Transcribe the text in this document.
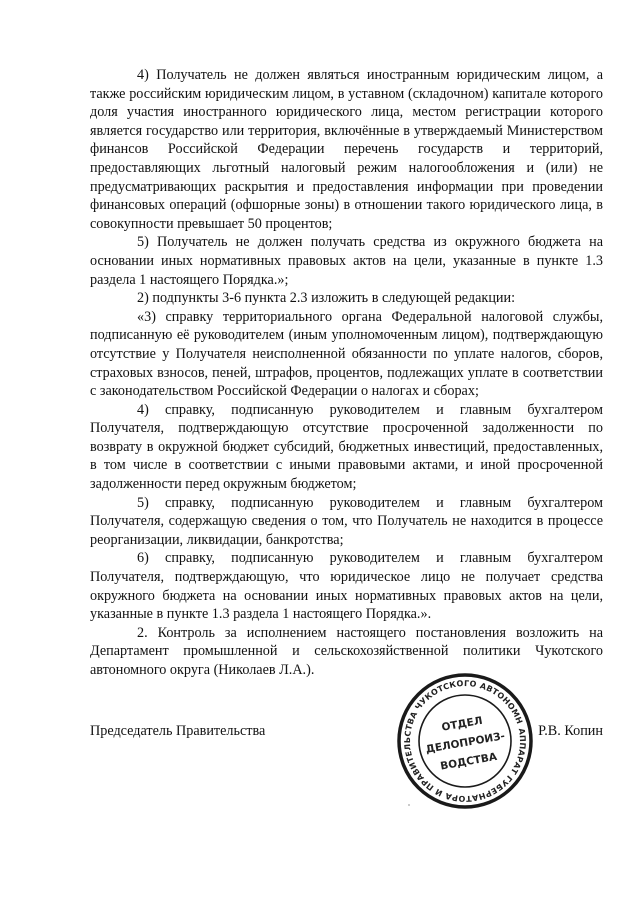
4) Получатель не должен являться иностранным юридическим лицом, а также российским юридическим лицом, в уставном (складочном) капитале которого доля участия иностранного юридического лица, местом регистрации которого является государство или территория, включённые в утверждаемый Министерством финансов Российской Федерации перечень государств и территорий, предоставляющих льготный налоговый режим налогообложения и (или) не предусматривающих раскрытия и предоставления информации при проведении финансовых операций (офшорные зоны) в отношении такого юридического лица, в совокупности превышает 50 процентов;

5) Получатель не должен получать средства из окружного бюджета на основании иных нормативных правовых актов на цели, указанные в пункте 1.3 раздела 1 настоящего Порядка.»;

2) подпункты 3-6 пункта 2.3 изложить в следующей редакции:

«3) справку территориального органа Федеральной налоговой службы, подписанную её руководителем (иным уполномоченным лицом), подтверждающую отсутствие у Получателя неисполненной обязанности по уплате налогов, сборов, страховых взносов, пеней, штрафов, процентов, подлежащих уплате в соответствии с законодательством Российской Федерации о налогах и сборах;

4) справку, подписанную руководителем и главным бухгалтером Получателя, подтверждающую отсутствие просроченной задолженности по возврату в окружной бюджет субсидий, бюджетных инвестиций, предоставленных, в том числе в соответствии с иными правовыми актами, и иной просроченной задолженности перед окружным бюджетом;

5) справку, подписанную руководителем и главным бухгалтером Получателя, содержащую сведения о том, что Получатель не находится в процессе реорганизации, ликвидации, банкротства;

6) справку, подписанную руководителем и главным бухгалтером Получателя, подтверждающую, что юридическое лицо не получает средства окружного бюджета на основании иных нормативных правовых актов на цели, указанные в пункте 1.3 раздела 1 настоящего Порядка.».

2. Контроль за исполнением настоящего постановления возложить на Департамент промышленной и сельскохозяйственной политики Чукотского автономного округа (Николаев Л.А.).

Председатель Правительства	Р.В. Копин
АППАРАТ ГУБЕРНАТОРА И ПРАВИТЕЛЬСТВА ЧУКОТСКОГО АВТОНОМНОГО
ОТДЕЛ
ДЕЛОПРОИЗ-
ВОДСТВА
